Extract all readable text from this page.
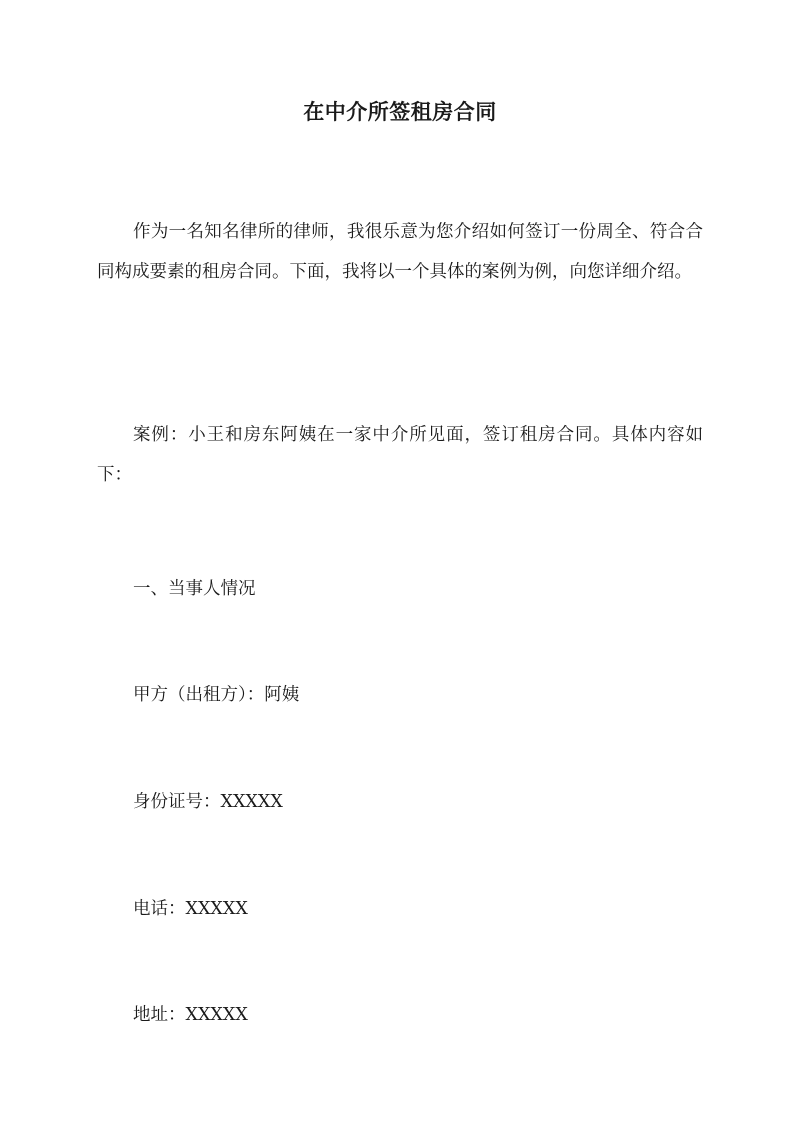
在中介所签租房合同

作为一名知名律所的律师，我很乐意为您介绍如何签订一份周全、符合合同构成要素的租房合同。下面，我将以一个具体的案例为例，向您详细介绍。

案例：小王和房东阿姨在一家中介所见面，签订租房合同。具体内容如下：

一、当事人情况

甲方（出租方）：阿姨

身份证号：XXXXX

电话：XXXXX

地址：XXXXX
